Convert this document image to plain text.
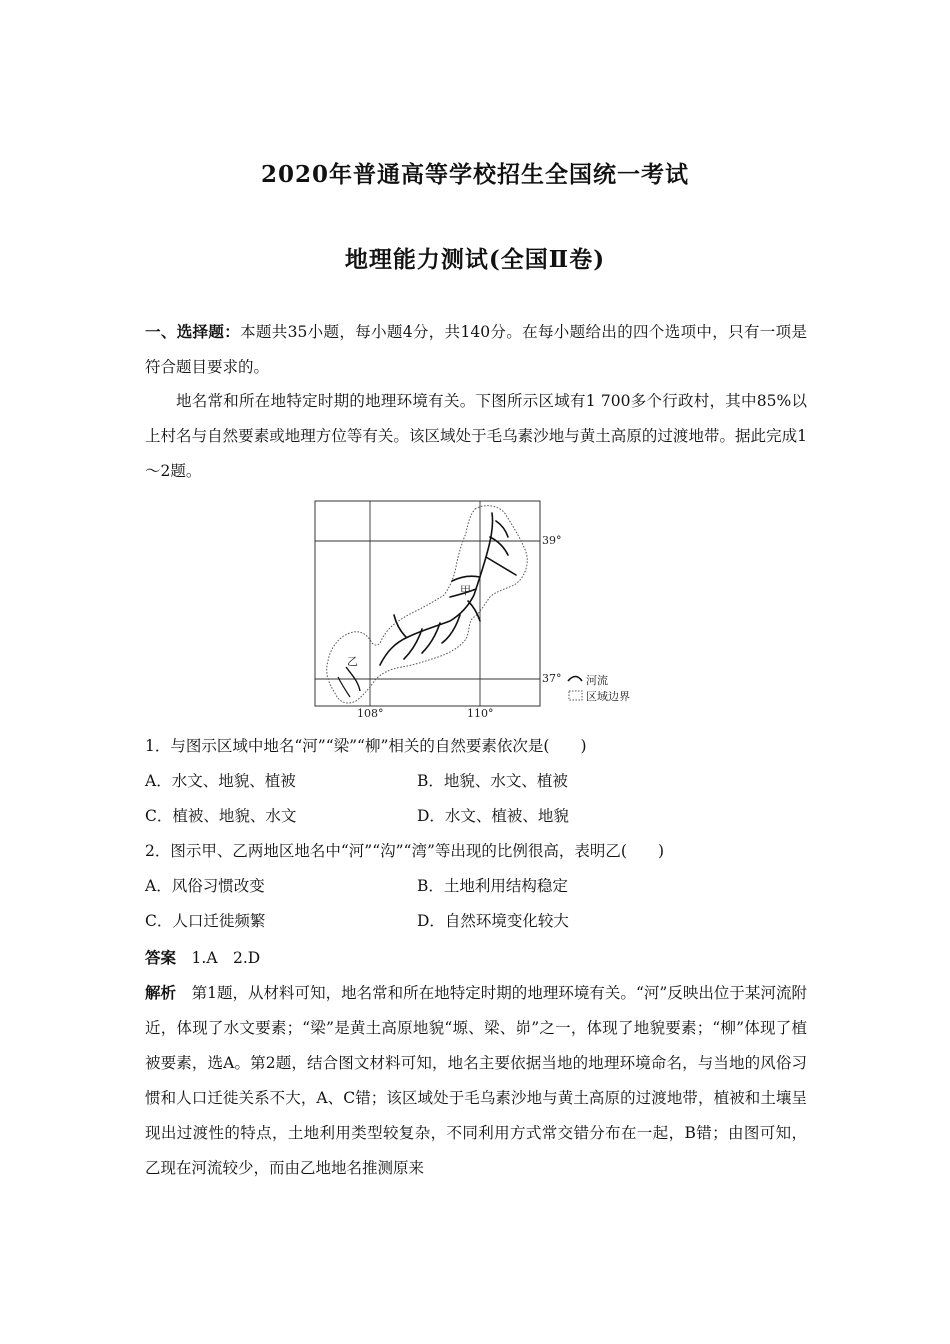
2020年普通高等学校招生全国统一考试
地理能力测试(全国Ⅱ卷)
一、选择题：本题共35小题，每小题4分，共140分。在每小题给出的四个选项中，只有一项是符合题目要求的。
地名常和所在地特定时期的地理环境有关。下图所示区域有1 700多个行政村，其中85%以上村名与自然要素或地理方位等有关。该区域处于毛乌素沙地与黄土高原的过渡地带。据此完成1～2题。
39°
37°
108°	110°
甲
乙
河流
区域边界
1．与图示区域中地名“河”“梁”“柳”相关的自然要素依次是(　　)
A．水文、地貌、植被	B．地貌、水文、植被
C．植被、地貌、水文	D．水文、植被、地貌
2．图示甲、乙两地区地名中“河”“沟”“湾”等出现的比例很高，表明乙(　　)
A．风俗习惯改变	B．土地利用结构稳定
C．人口迁徙频繁	D．自然环境变化较大
答案　 1.A　2.D
解析　 第1题，从材料可知，地名常和所在地特定时期的地理环境有关。“河”反映出位于某河流附近，体现了水文要素；“梁”是黄土高原地貌“塬、梁、峁”之一，体现了地貌要素；“柳”体现了植被要素，选A。第2题，结合图文材料可知，地名主要依据当地的地理环境命名，与当地的风俗习惯和人口迁徙关系不大，A、C错；该区域处于毛乌素沙地与黄土高原的过渡地带，植被和土壤呈现出过渡性的特点，土地利用类型较复杂，不同利用方式常交错分布在一起，B错；由图可知，乙现在河流较少，而由乙地地名推测原来
